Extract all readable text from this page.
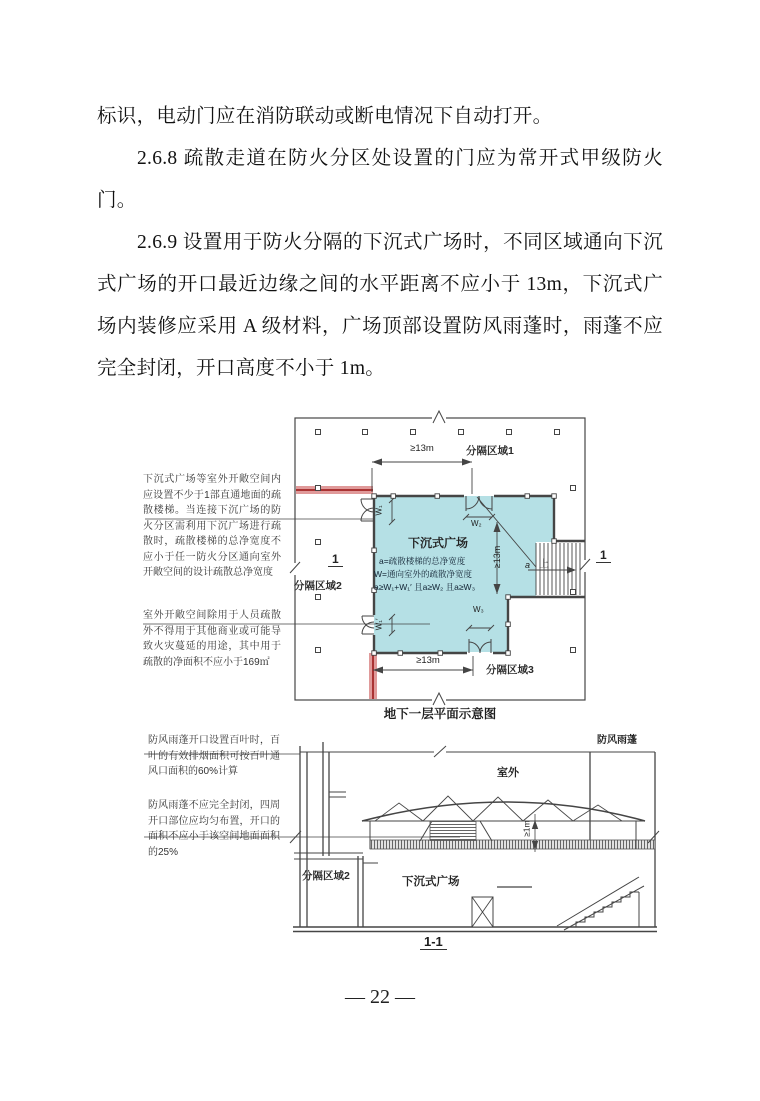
标识，电动门应在消防联动或断电情况下自动打开。

2.6.8 疏散走道在防火分区处设置的门应为常开式甲级防火门。

2.6.9 设置用于防火分隔的下沉式广场时，不同区域通向下沉式广场的开口最近边缘之间的水平距离不应小于 13m，下沉式广场内装修应采用 A 级材料，广场顶部设置防风雨蓬时，雨蓬不应完全封闭，开口高度不小于 1m。

下沉式广场等室外开敞空间内应设置不少于1部直通地面的疏散楼梯。当连接下沉广场的防火分区需利用下沉广场进行疏散时，疏散楼梯的总净宽度不应小于任一防火分区通向室外开敞空间的设计疏散总净宽度
室外开敞空间除用于人员疏散外不得用于其他商业或可能导致火灾蔓延的用途，其中用于疏散的净面积不应小于169㎡
分隔区域1
分隔区域2
分隔区域3
下沉式广场
a=疏散楼梯的总净宽度
W=通向室外的疏散净宽度
a≥W₁+W₁′ 且a≥W₂ 且a≥W₃
≥13m
≥13m
≥13m
W₁
W₁′
W₂
W₃
上
a
1	1
地下一层平面示意图
防风雨蓬开口设置百叶时，百叶的有效排烟面积可按百叶通风口面积的60%计算
防风雨蓬不应完全封闭，四周开口部位应均匀布置，开口的面积不应小于该空间地面面积的25%
防风雨蓬
室外
分隔区域2	下沉式广场
≥1m
1-1
— 22 —
